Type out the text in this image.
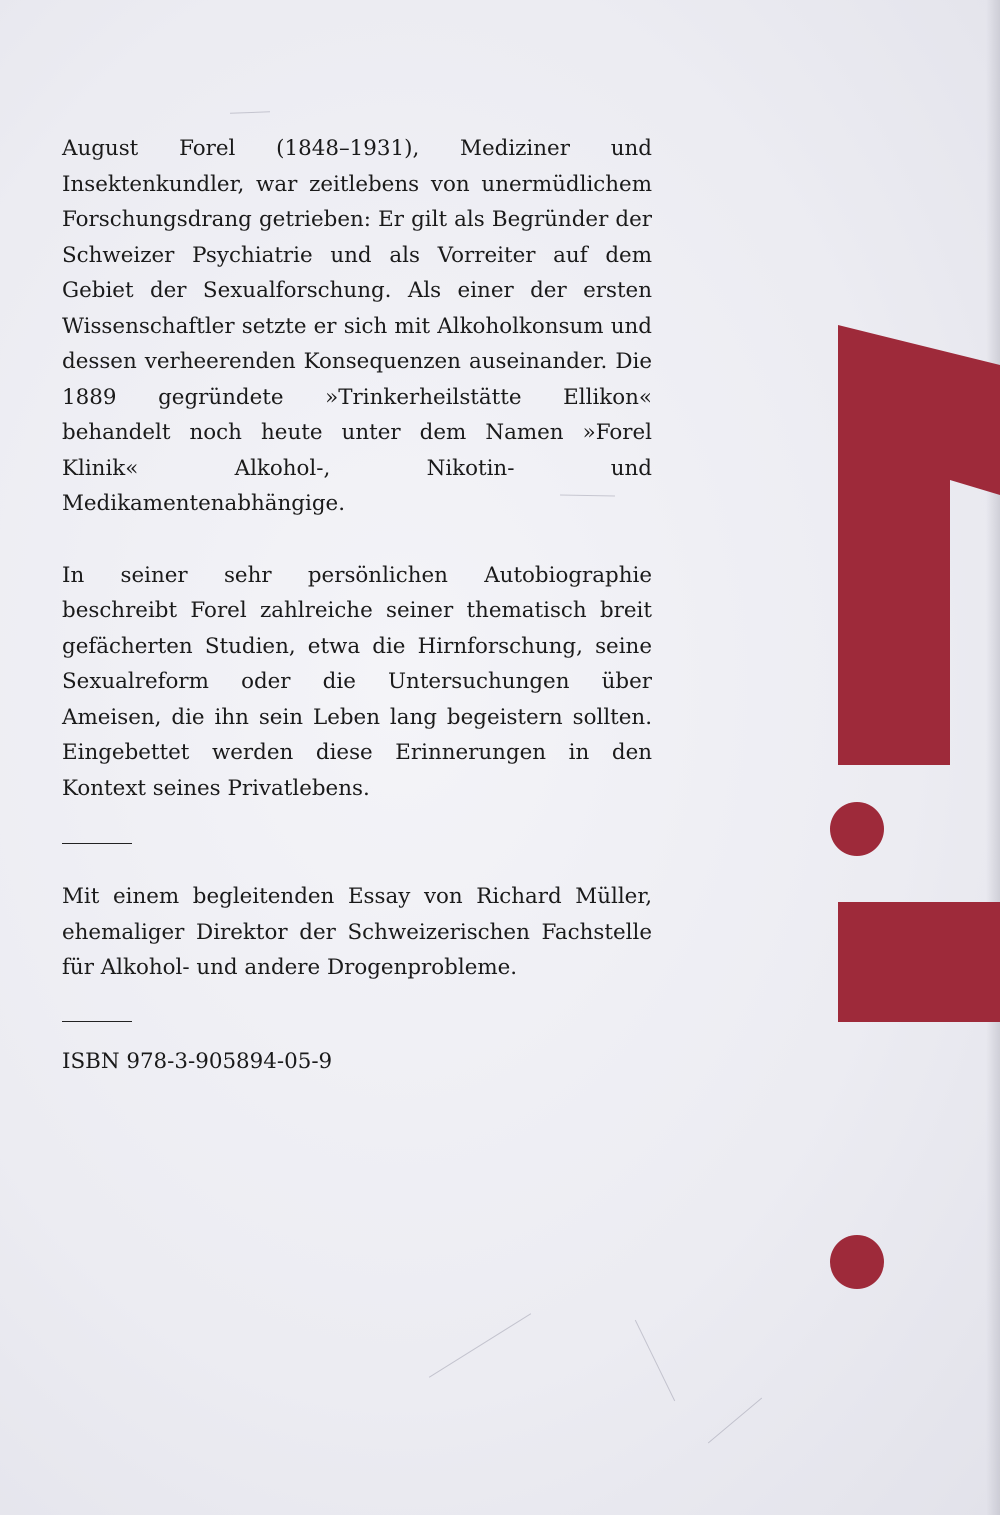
August Forel (1848–1931), Mediziner und Insektenkundler, war zeitlebens von unermüdlichem Forschungsdrang getrieben: Er gilt als Begründer der Schweizer Psychiatrie und als Vorreiter auf dem Gebiet der Sexualforschung. Als einer der ersten Wissenschaftler setzte er sich mit Alkoholkonsum und dessen verheerenden Konsequenzen auseinander. Die 1889 gegründete »Trinkerheilstätte Ellikon« behandelt noch heute unter dem Namen »Forel Klinik« Alkohol-, Nikotin- und Medikamentenabhängige.

In seiner sehr persönlichen Autobiographie beschreibt Forel zahlreiche seiner thematisch breit gefächerten Studien, etwa die Hirnforschung, seine Sexualreform oder die Untersuchungen über Ameisen, die ihn sein Leben lang begeistern sollten. Eingebettet werden diese Erinnerungen in den Kontext seines Privatlebens.

Mit einem begleitenden Essay von Richard Müller, ehemaliger Direktor der Schweizerischen Fachstelle für Alkohol- und andere Drogenprobleme.

ISBN 978-3-905894-05-9
